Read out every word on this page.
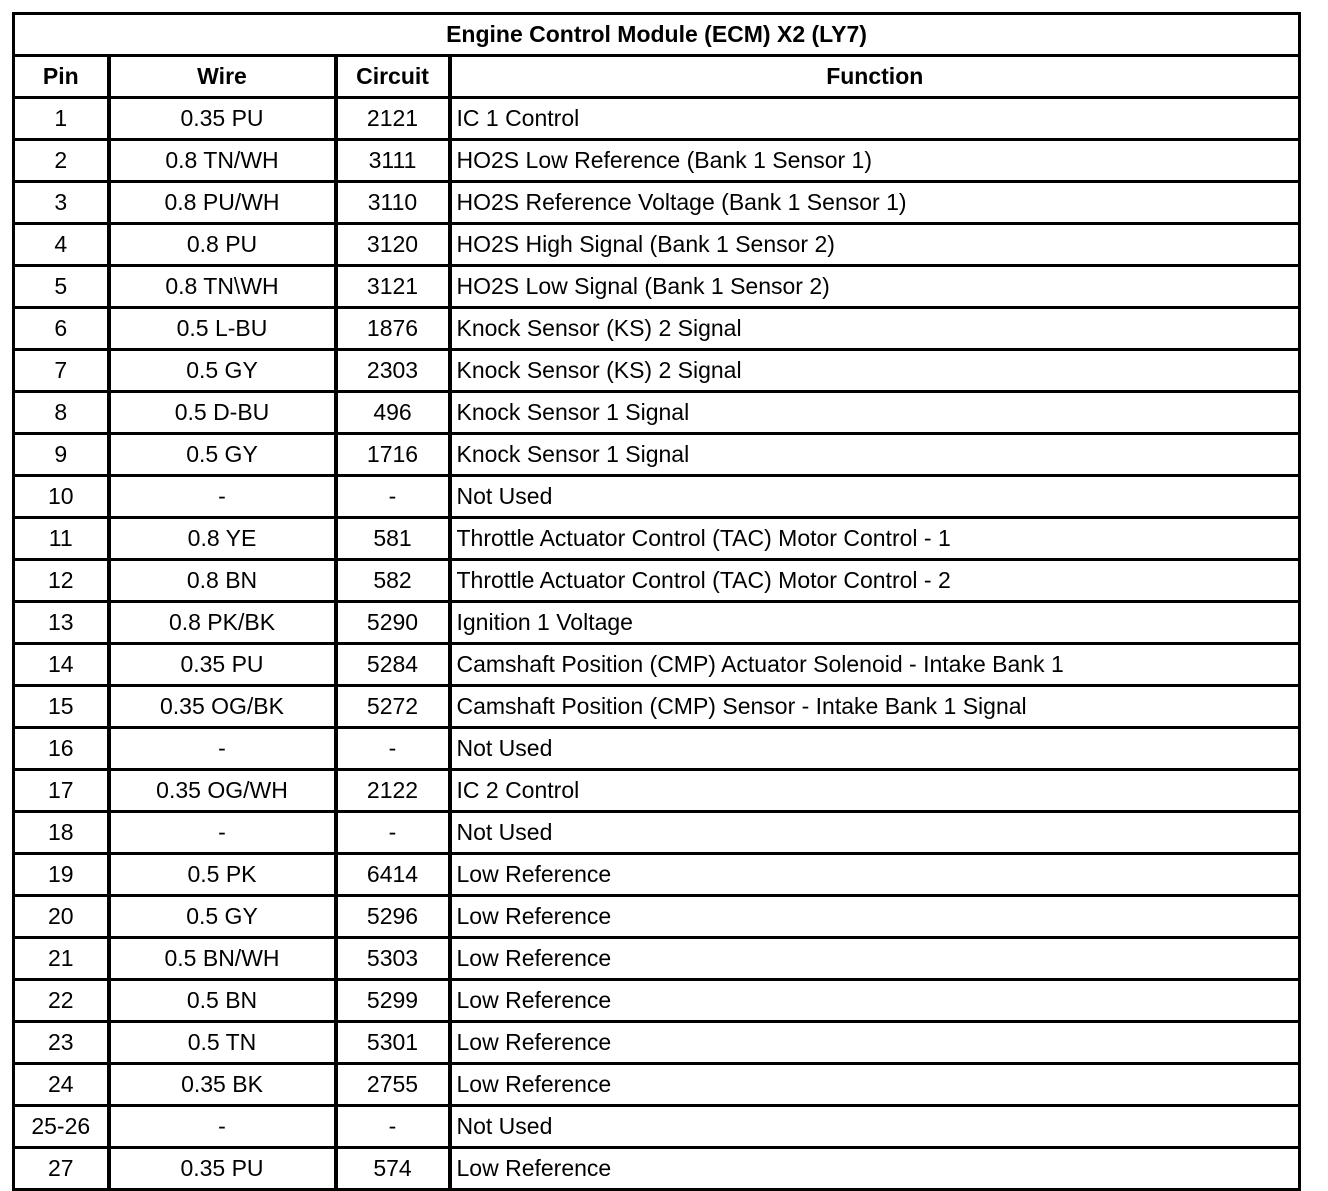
Engine Control Module (ECM) X2 (LY7)			
Pin	Wire	Circuit	Function
1	0.35 PU	2121	IC 1 Control
2	0.8 TN/WH	3111	HO2S Low Reference (Bank 1 Sensor 1)
3	0.8 PU/WH	3110	HO2S Reference Voltage (Bank 1 Sensor 1)
4	0.8 PU	3120	HO2S High Signal (Bank 1 Sensor 2)
5	0.8 TN\WH	3121	HO2S Low Signal (Bank 1 Sensor 2)
6	0.5 L-BU	1876	Knock Sensor (KS) 2 Signal
7	0.5 GY	2303	Knock Sensor (KS) 2 Signal
8	0.5 D-BU	496	Knock Sensor 1 Signal
9	0.5 GY	1716	Knock Sensor 1 Signal
10	-	-	Not Used
11	0.8 YE	581	Throttle Actuator Control (TAC) Motor Control - 1
12	0.8 BN	582	Throttle Actuator Control (TAC) Motor Control - 2
13	0.8 PK/BK	5290	Ignition 1 Voltage
14	0.35 PU	5284	Camshaft Position (CMP) Actuator Solenoid - Intake Bank 1
15	0.35 OG/BK	5272	Camshaft Position (CMP) Sensor - Intake Bank 1 Signal
16	-	-	Not Used
17	0.35 OG/WH	2122	IC 2 Control
18	-	-	Not Used
19	0.5 PK	6414	Low Reference
20	0.5 GY	5296	Low Reference
21	0.5 BN/WH	5303	Low Reference
22	0.5 BN	5299	Low Reference
23	0.5 TN	5301	Low Reference
24	0.35 BK	2755	Low Reference
25-26	-	-	Not Used
27	0.35 PU	574	Low Reference
